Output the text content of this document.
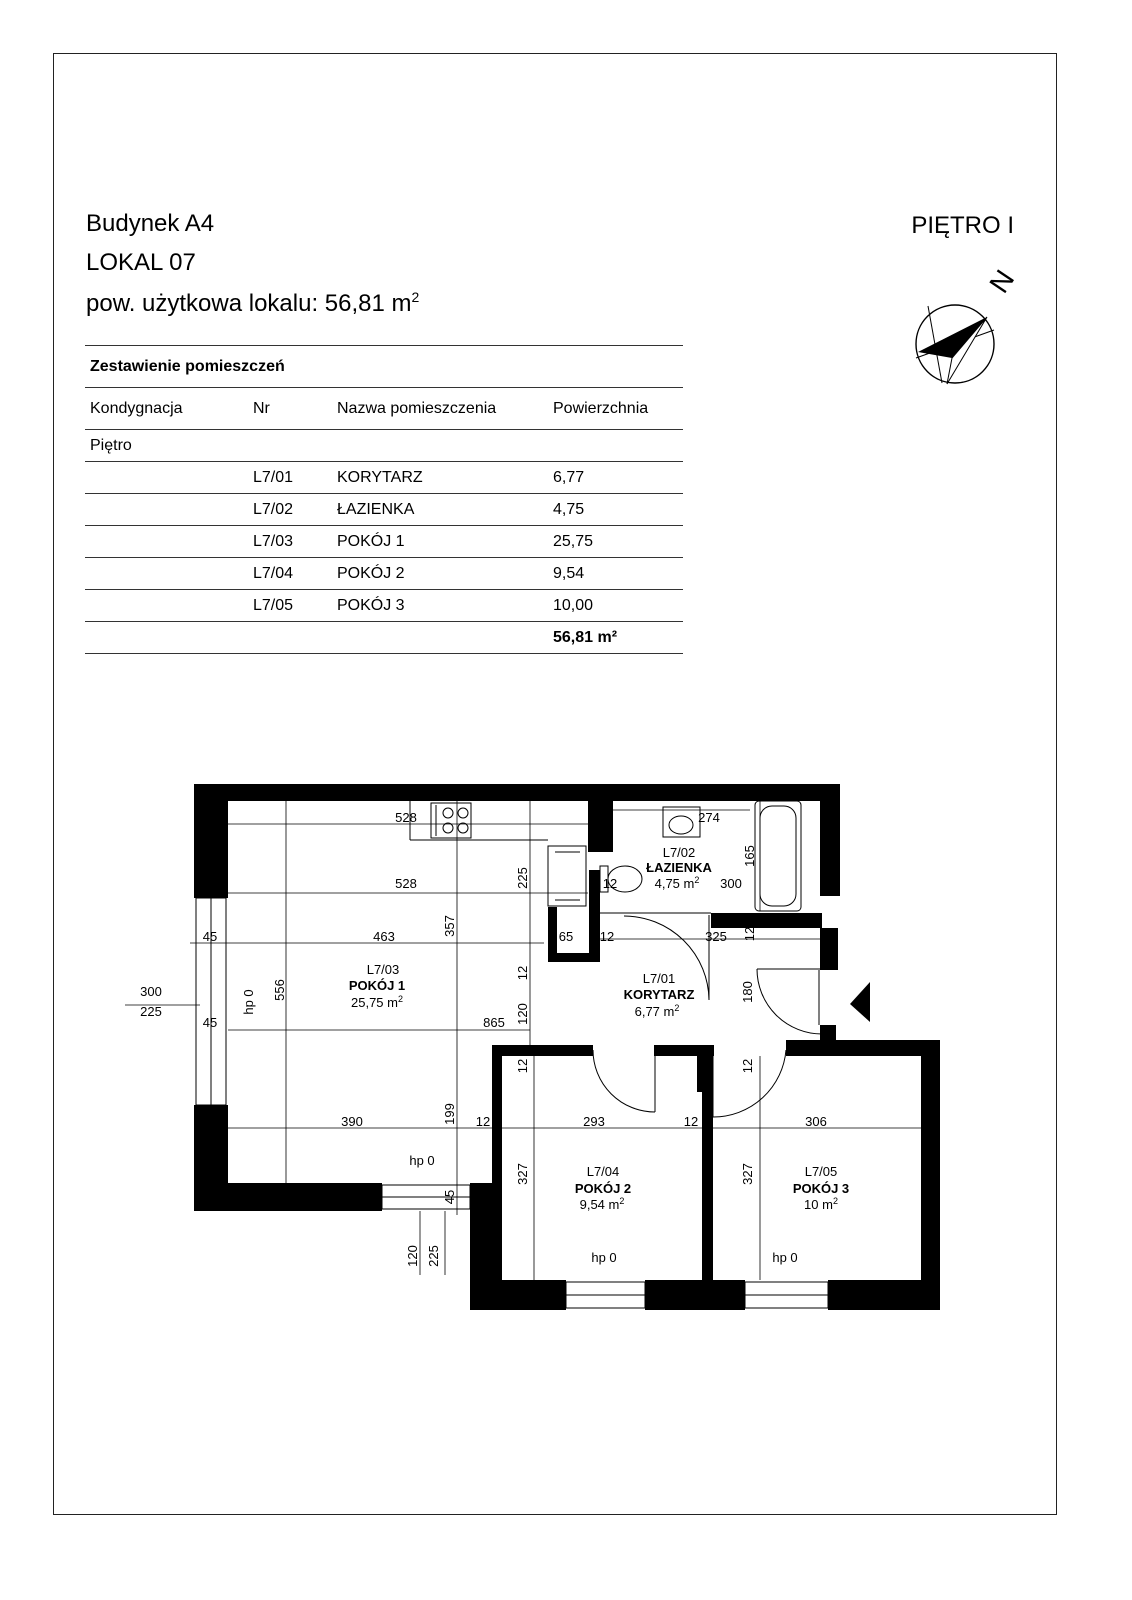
Budynek A4
LOKAL 07
pow. użytkowa lokalu: 56,81 $m^2$
PIĘTRO I
Zestawienie pomieszczeń			
Kondygnacja	Nr	Nazwa pomieszczenia	Powierzchnia
Piętro			
	L7/01	KORYTARZ	6,77
	L7/02	ŁAZIENKA	4,75
	L7/03	POKÓJ 1	25,75
	L7/04	POKÓJ 2	9,54
	L7/05	POKÓJ 3	10,00
			56,81 m²
N
L7/03
POKÓJ 1
25,75 $m^2$
L7/02
ŁAZIENKA
4,75 $m^2$
L7/01
KORYTARZ
6,77 $m^2$
L7/04
POKÓJ 2
9,54 $m^2$
L7/05
POKÓJ 3
10 $m^2$
528
528
274
300
12
45	463	65 12	325
300
225
45	865
390	12	293	12	306
hp 0
hp 0	hp 0
225
165
357	12
556
hp 0
12
120
180
12	12
199
327	327
45
120 225
